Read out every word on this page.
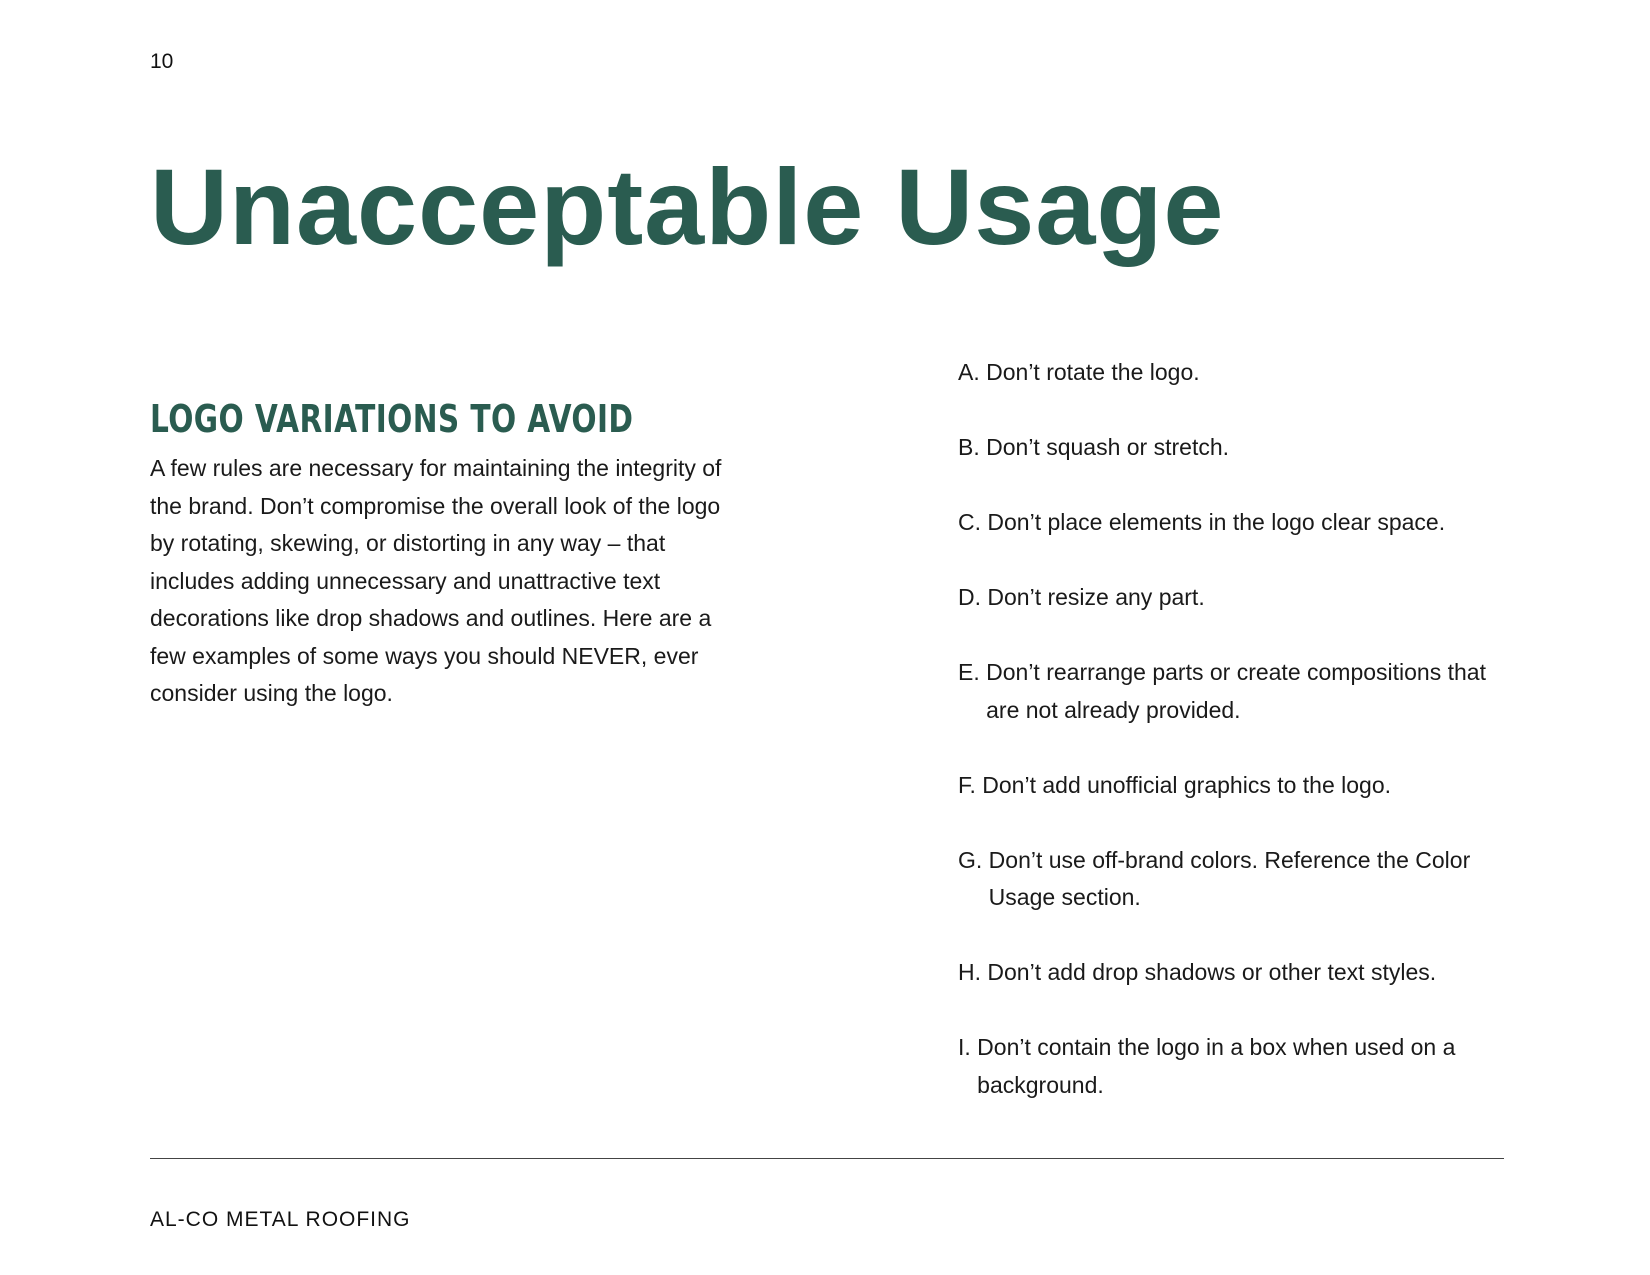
10
Unacceptable Usage
LOGO VARIATIONS TO AVOID

A few rules are necessary for maintaining the integrity of the brand. Don’t compromise the overall look of the logo by rotating, skewing, or distorting in any way – that includes adding unnecessary and unattractive text decorations like drop shadows and outlines. Here are a few examples of some ways you should NEVER, ever consider using the logo.

A. Don’t rotate the logo.
B. Don’t squash or stretch.
C. Don’t place elements in the logo clear space.
D. Don’t resize any part.
E. Don’t rearrange parts or create compositions that are not already provided.
F. Don’t add unofficial graphics to the logo.
G. Don’t use off-brand colors. Reference the Color Usage section.
H. Don’t add drop shadows or other text styles.
I. Don’t contain the logo in a box when used on a background.
AL-CO METAL ROOFING
